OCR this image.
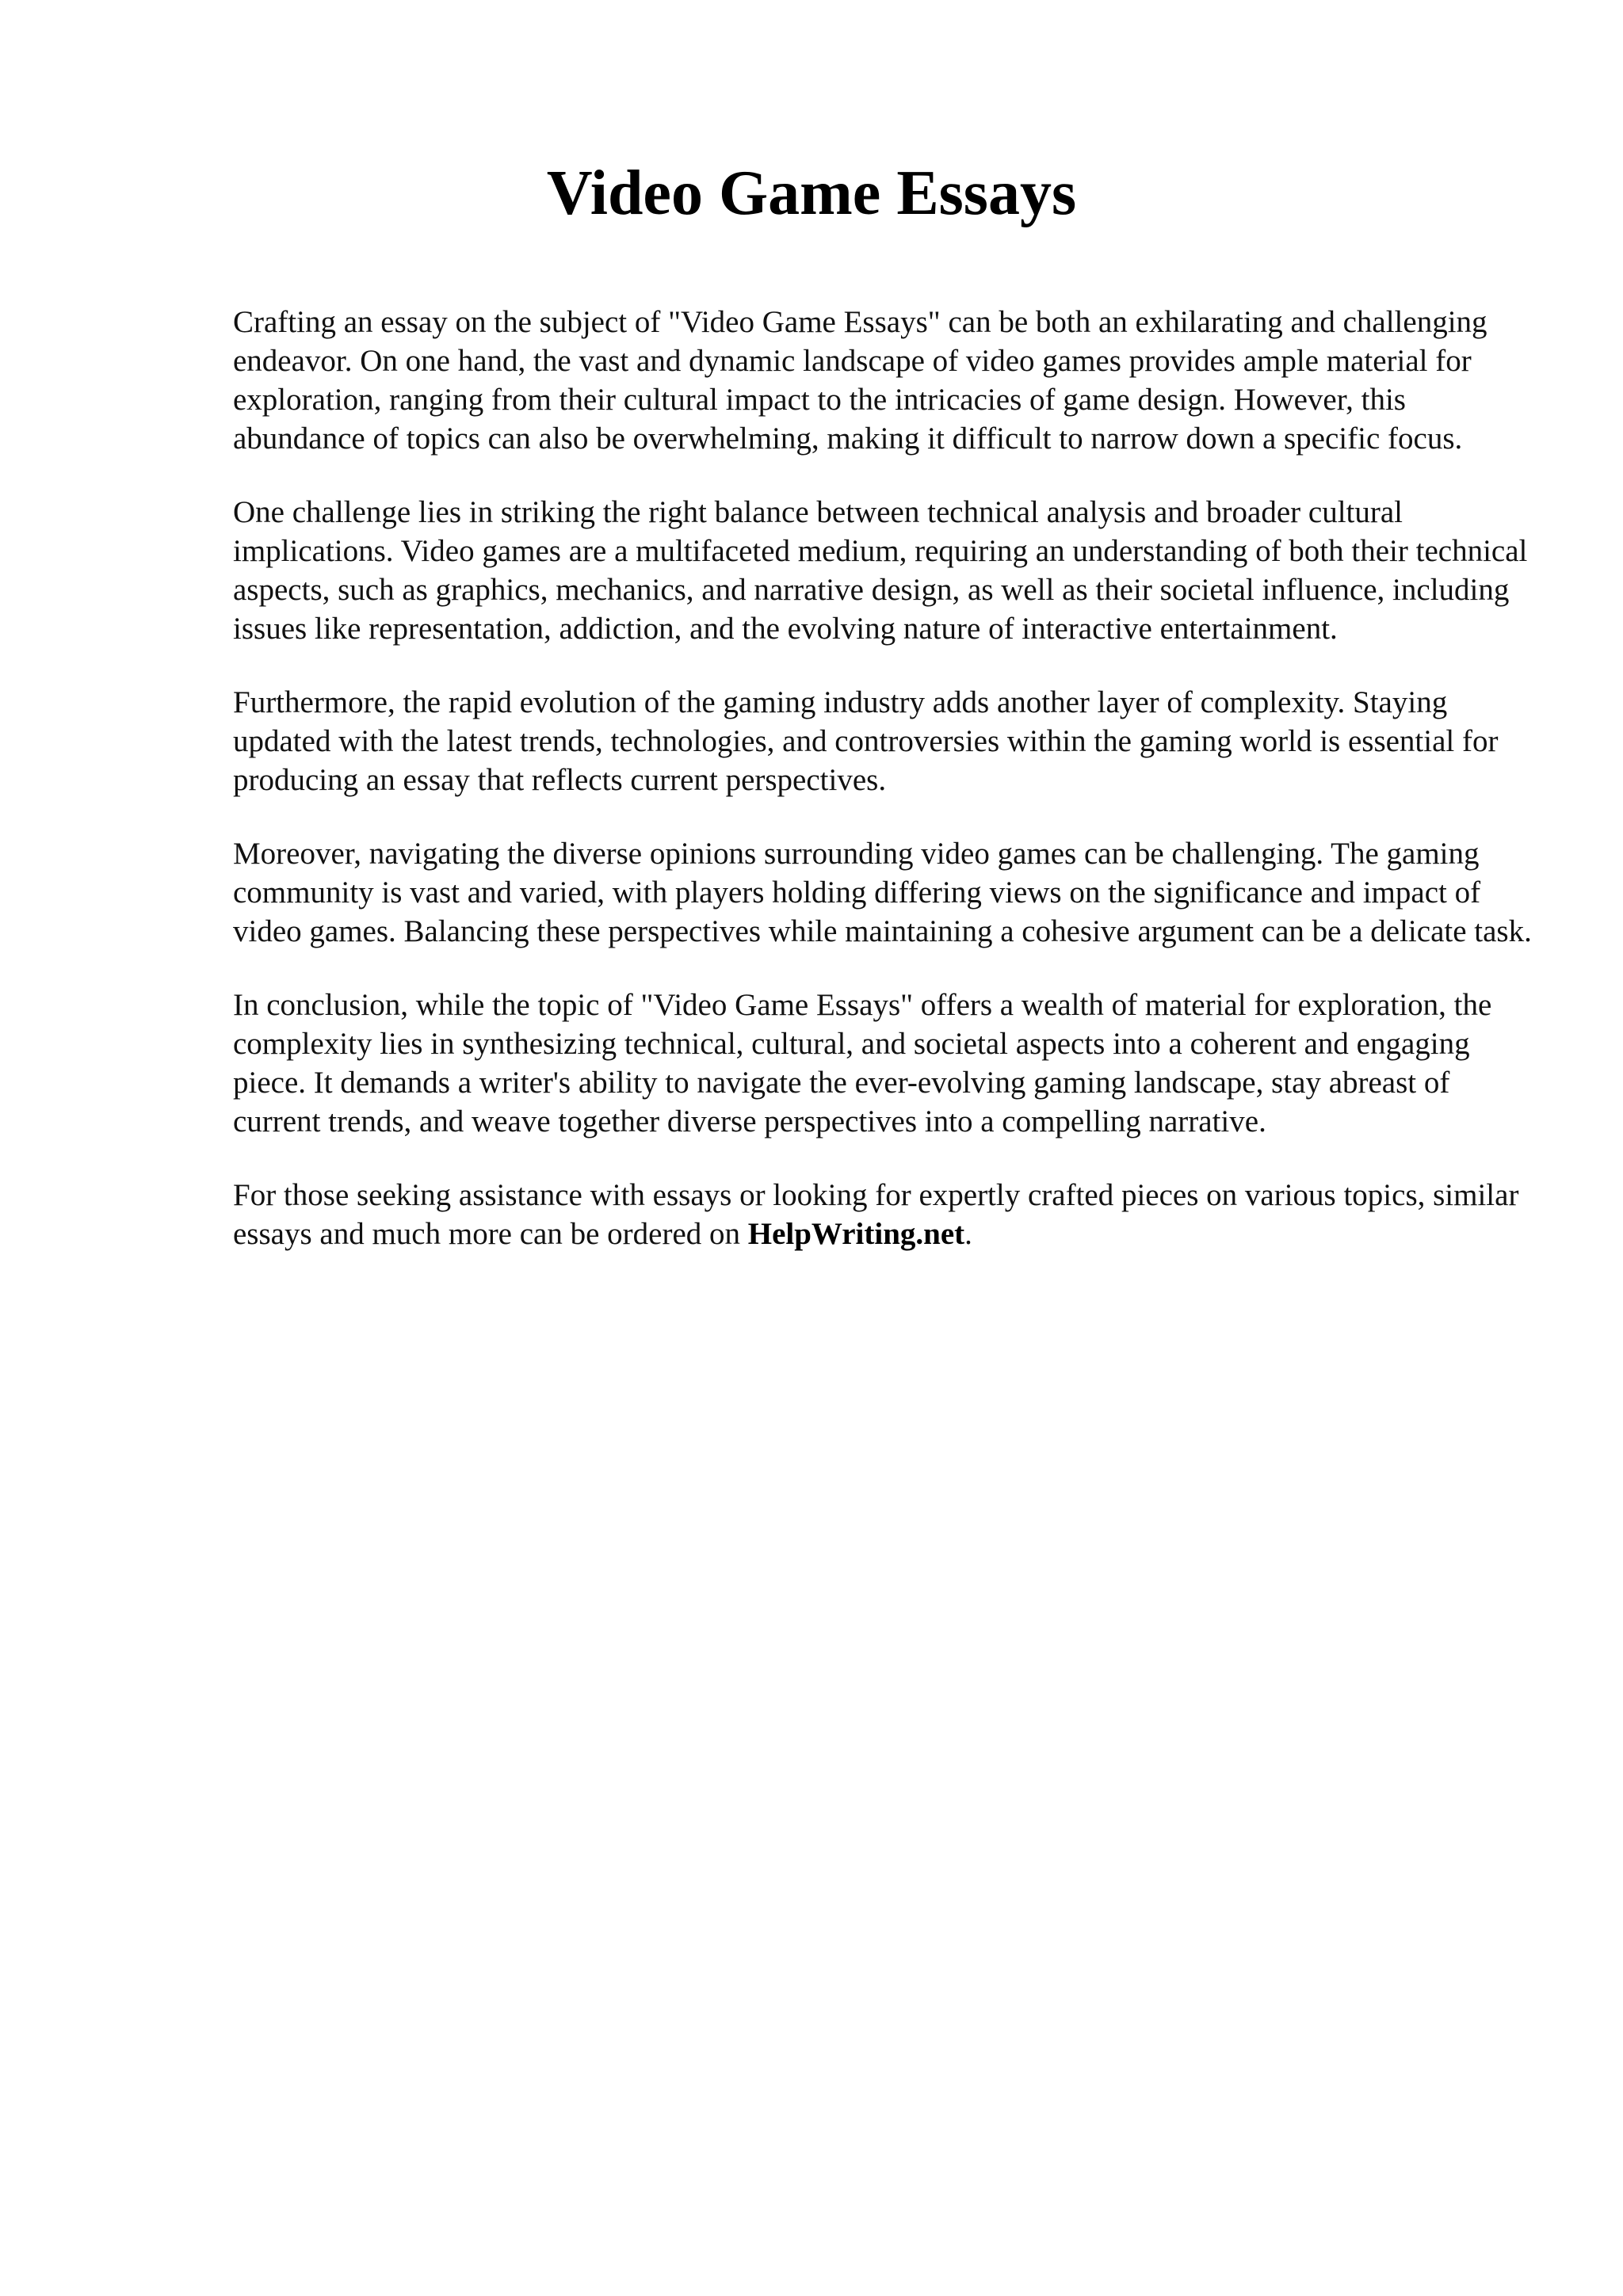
Video Game Essays

Crafting an essay on the subject of "Video Game Essays" can be both an exhilarating and challenging endeavor. On one hand, the vast and dynamic landscape of video games provides ample material for exploration, ranging from their cultural impact to the intricacies of game design. However, this abundance of topics can also be overwhelming, making it difficult to narrow down a specific focus.

One challenge lies in striking the right balance between technical analysis and broader cultural implications. Video games are a multifaceted medium, requiring an understanding of both their technical aspects, such as graphics, mechanics, and narrative design, as well as their societal influence, including issues like representation, addiction, and the evolving nature of interactive entertainment.

Furthermore, the rapid evolution of the gaming industry adds another layer of complexity. Staying updated with the latest trends, technologies, and controversies within the gaming world is essential for producing an essay that reflects current perspectives.

Moreover, navigating the diverse opinions surrounding video games can be challenging. The gaming community is vast and varied, with players holding differing views on the significance and impact of video games. Balancing these perspectives while maintaining a cohesive argument can be a delicate task.

In conclusion, while the topic of "Video Game Essays" offers a wealth of material for exploration, the complexity lies in synthesizing technical, cultural, and societal aspects into a coherent and engaging piece. It demands a writer's ability to navigate the ever-evolving gaming landscape, stay abreast of current trends, and weave together diverse perspectives into a compelling narrative.

For those seeking assistance with essays or looking for expertly crafted pieces on various topics, similar essays and much more can be ordered on HelpWriting.net.
